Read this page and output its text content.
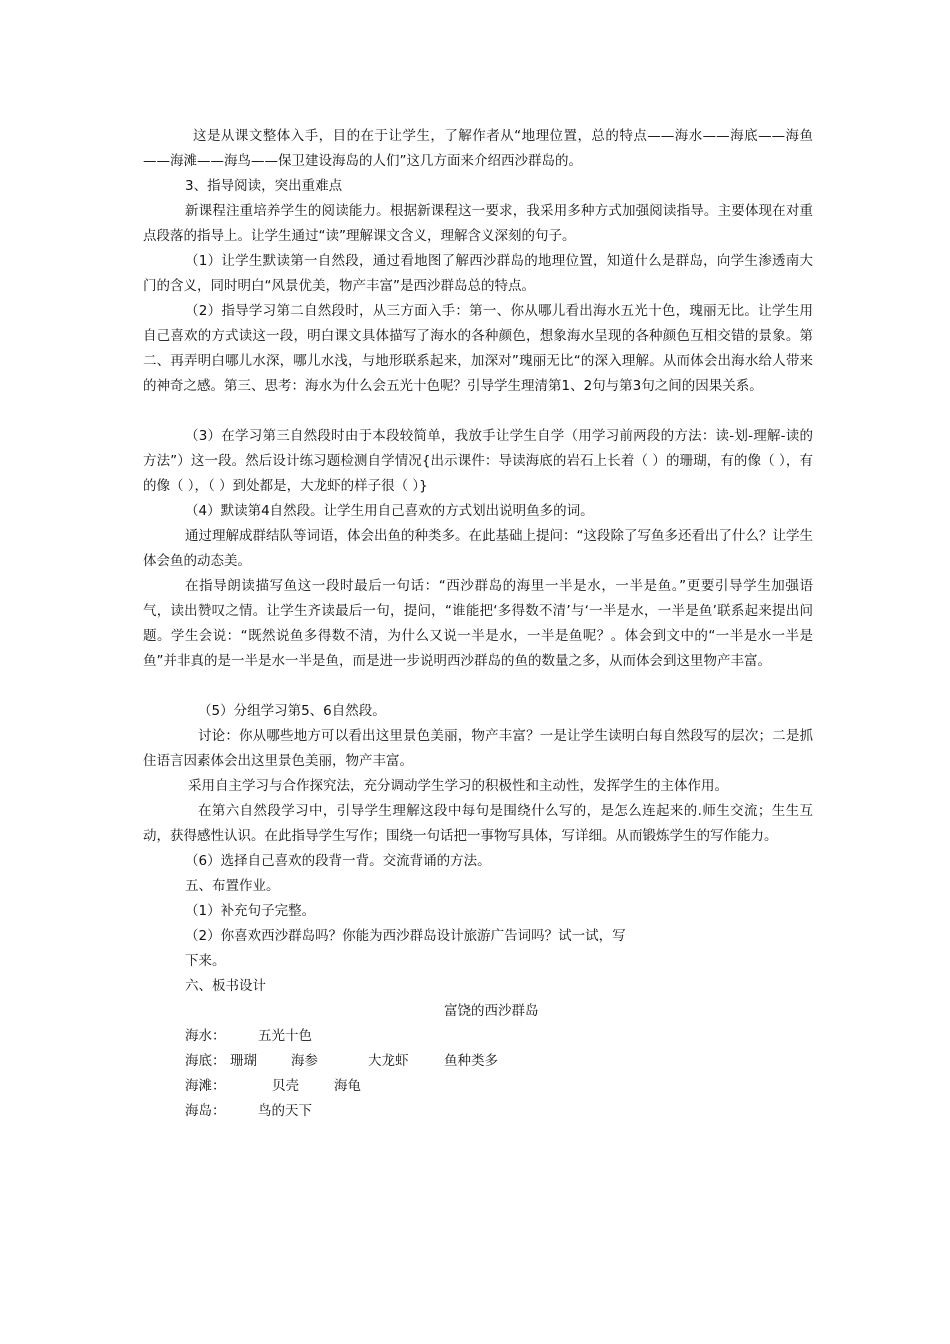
这是从课文整体入手，目的在于让学生，了解作者从“地理位置，总的特点——海水——海底——海鱼——海滩——海鸟——保卫建设海岛的人们”这几方面来介绍西沙群岛的。

3、指导阅读，突出重难点

新课程注重培养学生的阅读能力。根据新课程这一要求，我采用多种方式加强阅读指导。主要体现在对重点段落的指导上。让学生通过“读”理解课文含义，理解含义深刻的句子。

（1）让学生默读第一自然段，通过看地图了解西沙群岛的地理位置，知道什么是群岛，向学生渗透南大门的含义，同时明白“风景优美，物产丰富”是西沙群岛总的特点。

（2）指导学习第二自然段时，从三方面入手：第一、你从哪儿看出海水五光十色，瑰丽无比。让学生用自己喜欢的方式读这一段，明白课文具体描写了海水的各种颜色，想象海水呈现的各种颜色互相交错的景象。第二、再弄明白哪儿水深，哪儿水浅，与地形联系起来，加深对”瑰丽无比“的深入理解。从而体会出海水给人带来的神奇之感。第三、思考：海水为什么会五光十色呢？引导学生理清第1、2句与第3句之间的因果关系。

（3）在学习第三自然段时由于本段较简单，我放手让学生自学（用学习前两段的方法：读-划-理解-读的方法”）这一段。然后设计练习题检测自学情况{出示课件：导读海底的岩石上长着（ ）的珊瑚，有的像（ ），有的像（ ），（ ）到处都是，大龙虾的样子很（ ）}

（4）默读第4自然段。让学生用自己喜欢的方式划出说明鱼多的词。

通过理解成群结队等词语，体会出鱼的种类多。在此基础上提问：“这段除了写鱼多还看出了什么？让学生体会鱼的动态美。

在指导朗读描写鱼这一段时最后一句话：“西沙群岛的海里一半是水，一半是鱼。”更要引导学生加强语气，读出赞叹之情。让学生齐读最后一句，提问，“谁能把‘多得数不清’与‘一半是水，一半是鱼’联系起来提出问题。学生会说：“既然说鱼多得数不清，为什么又说一半是水，一半是鱼呢？。体会到文中的“一半是水一半是鱼”并非真的是一半是水一半是鱼，而是进一步说明西沙群岛的鱼的数量之多，从而体会到这里物产丰富。

（5）分组学习第5、6自然段。

讨论：你从哪些地方可以看出这里景色美丽，物产丰富？一是让学生读明白每自然段写的层次；二是抓住语言因素体会出这里景色美丽，物产丰富。

采用自主学习与合作探究法，充分调动学生学习的积极性和主动性，发挥学生的主体作用。

在第六自然段学习中，引导学生理解这段中每句是围绕什么写的，是怎么连起来的.师生交流；生生互动，获得感性认识。在此指导学生写作；围绕一句话把一事物写具体，写详细。从而锻炼学生的写作能力。

（6）选择自己喜欢的段背一背。交流背诵的方法。

五、布置作业。

（1）补充句子完整。

（2）你喜欢西沙群岛吗？你能为西沙群岛设计旅游广告词吗？试一试，写

下来。

六、板书设计

富饶的西沙群岛

海水： 五光十色

海底： 珊瑚	海参	大龙虾	鱼种类多

海滩：	贝壳	海龟

海岛： 鸟的天下
